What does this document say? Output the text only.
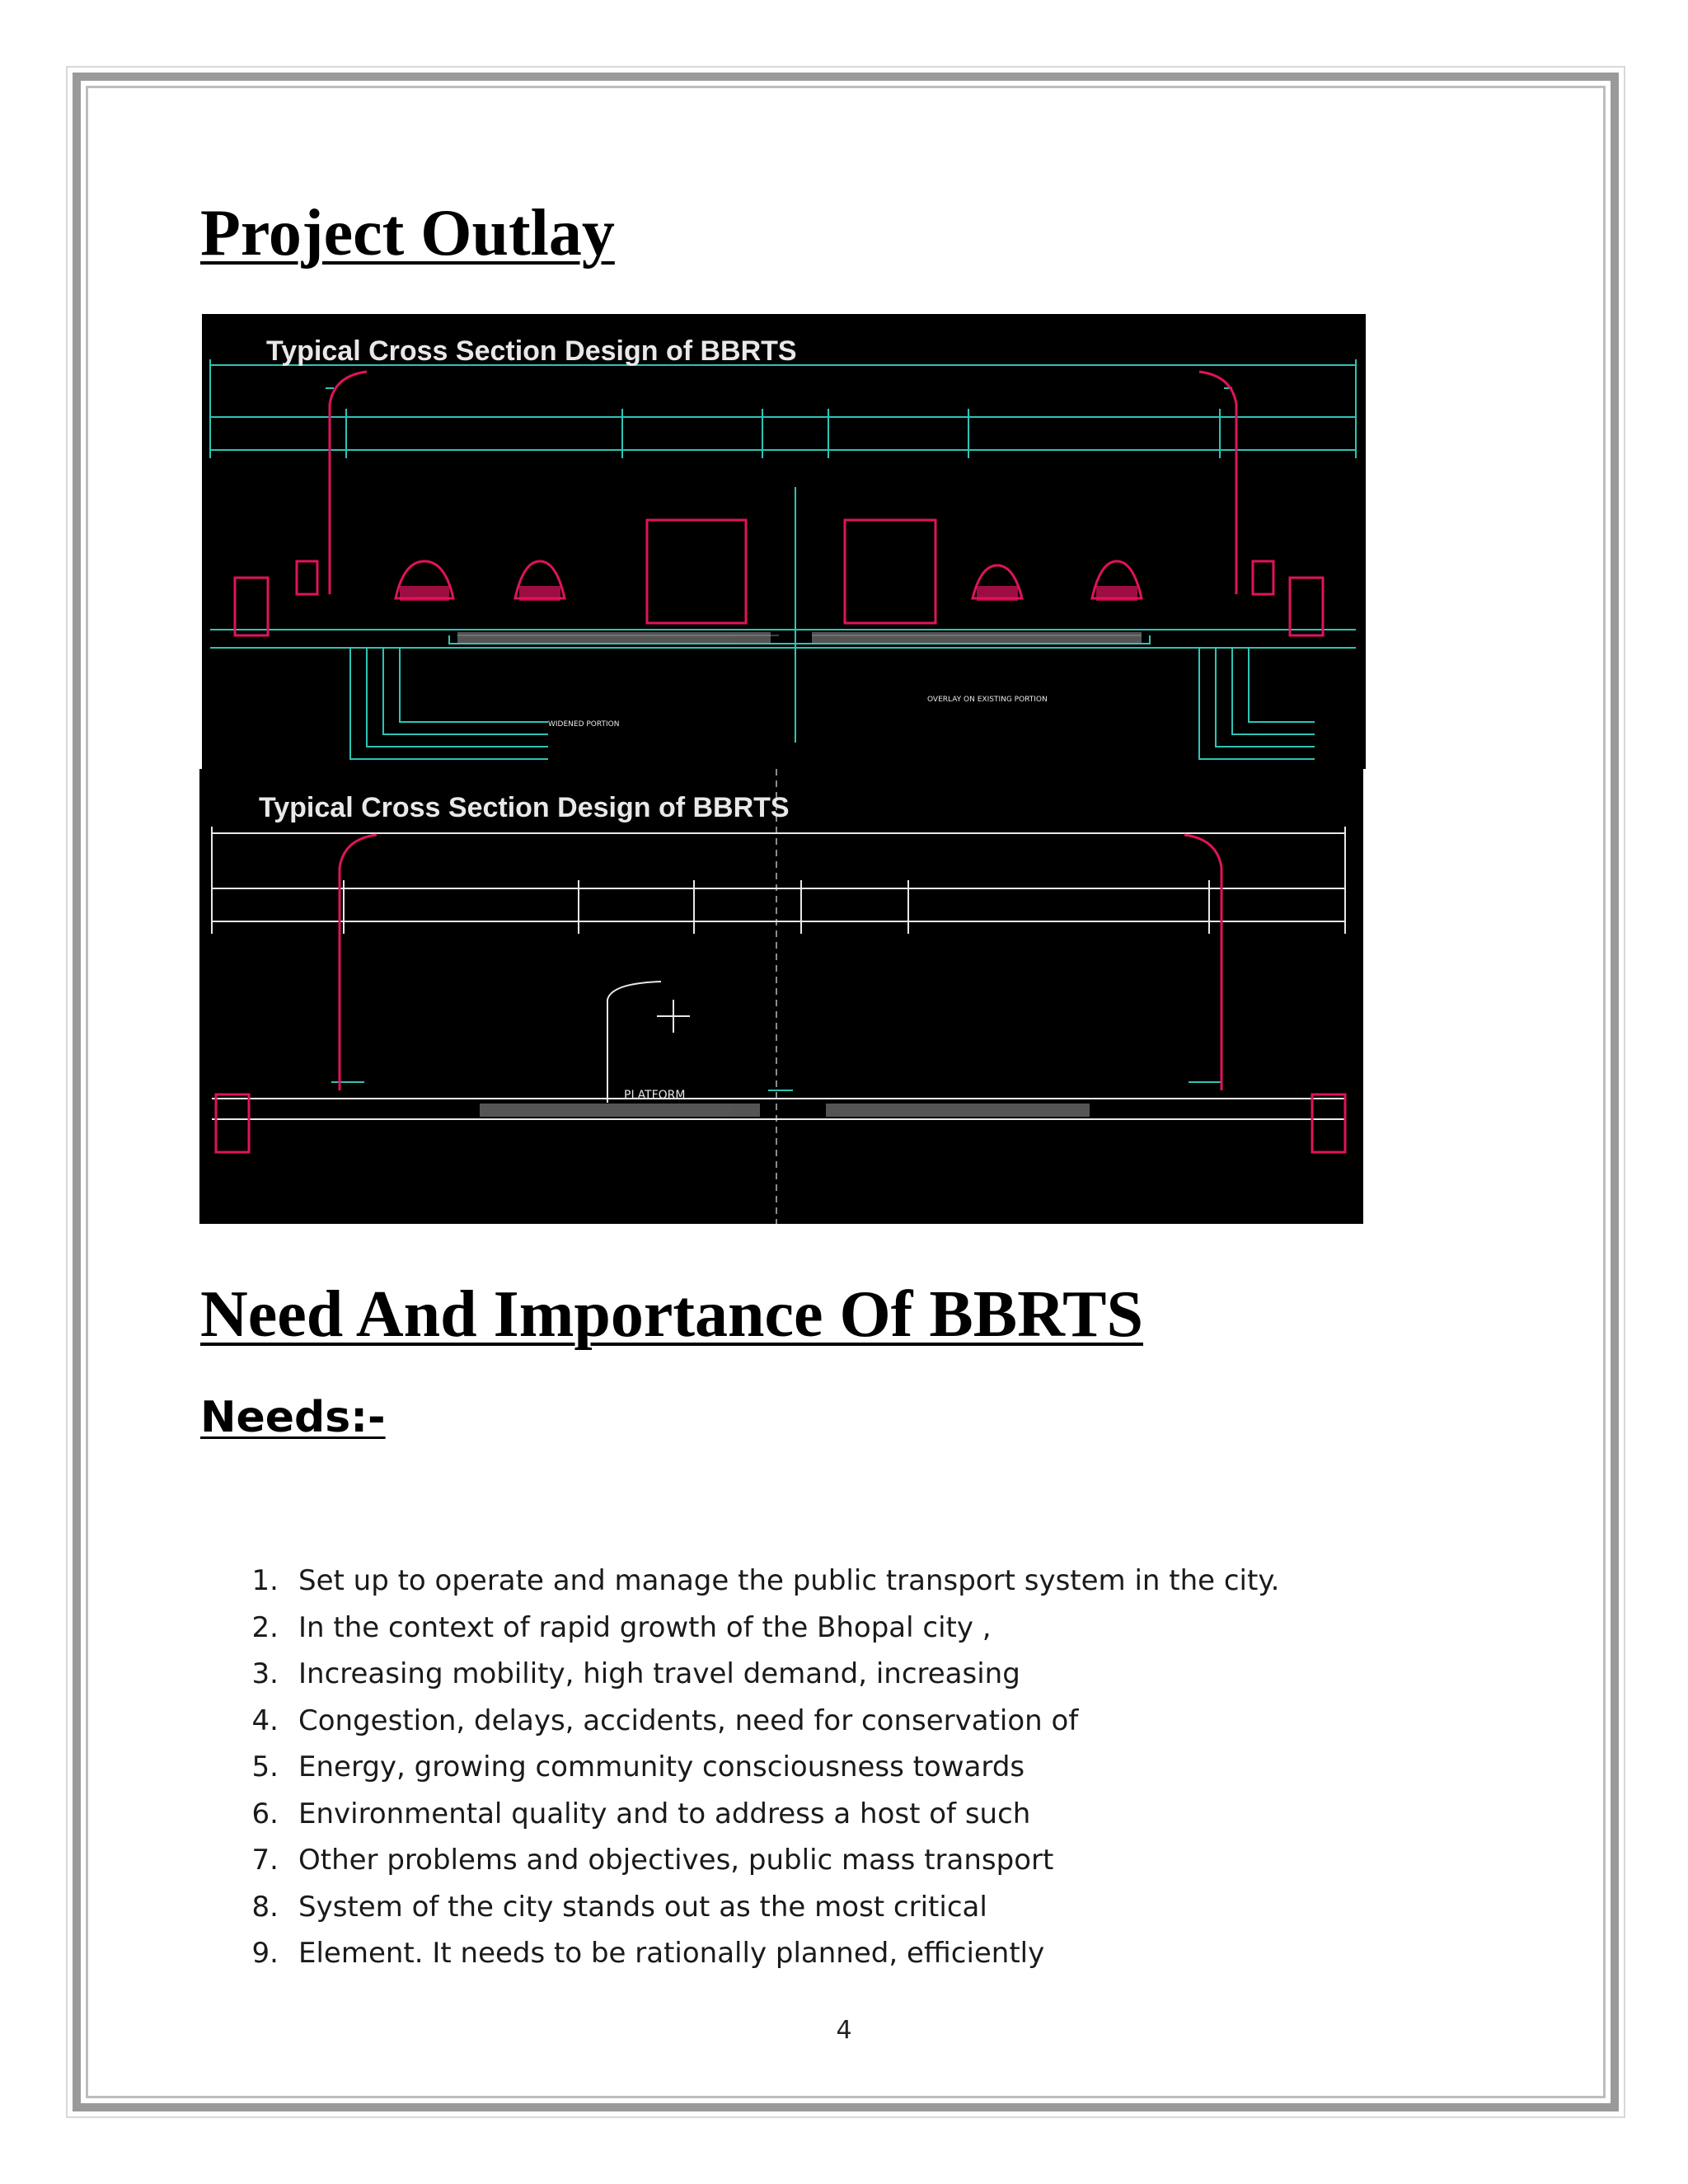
Project Outlay
Typical Cross Section Design of BBRTS
WIDENED PORTION
OVERLAY ON EXISTING PORTION
Typical Cross Section Design of BBRTS
PLATFORM
Need And Importance Of BBRTS
Needs:-
1. Set up to operate and manage the public transport system in the city.
2. In the context of rapid growth of the Bhopal city ,
3. Increasing mobility, high travel demand, increasing
4. Congestion, delays, accidents, need for conservation of
5. Energy, growing community consciousness towards
6. Environmental quality and to address a host of such
7. Other problems and objectives, public mass transport
8. System of the city stands out as the most critical
9. Element. It needs to be rationally planned, efficiently
4
